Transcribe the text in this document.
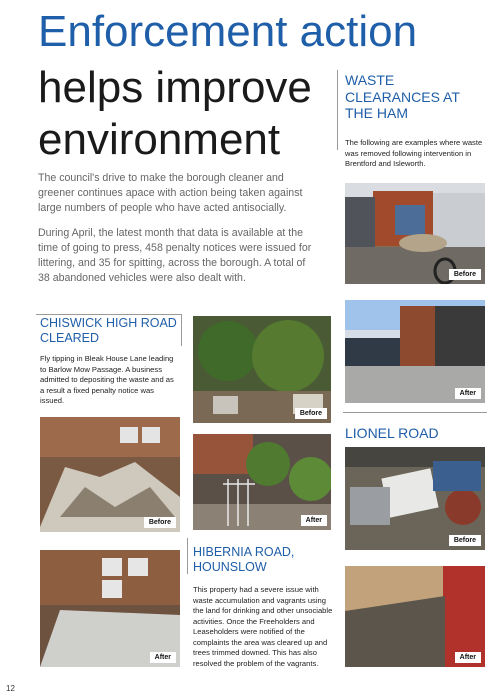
Enforcement action
helps improve
environment

The council's drive to make the borough cleaner and greener continues apace with action being taken against large numbers of people who have acted antisocially.

During April, the latest month that data is available at the time of going to press, 458 penalty notices were issued for littering, and 35 for spitting, across the borough. A total of 38 abandoned vehicles were also dealt with.

WASTE CLEARANCES AT THE HAM

The following are examples where waste was removed following intervention in Brentford and Isleworth.

Before
After
LIONEL ROAD
Before
After
CHISWICK HIGH ROAD CLEARED

Fly tipping in Bleak House Lane leading to Barlow Mow Passage. A business admitted to depositing the waste and as a result a fixed penalty notice was issued.

Before
After
Before
After
HIBERNIA ROAD, HOUNSLOW

This property had a severe issue with waste accumulation and vagrants using the land for drinking and other unsociable activities. Once the Freeholders and Leaseholders were notified of the complaints the area was cleared up and trees trimmed downed. This has also resolved the problem of the vagrants.

12
